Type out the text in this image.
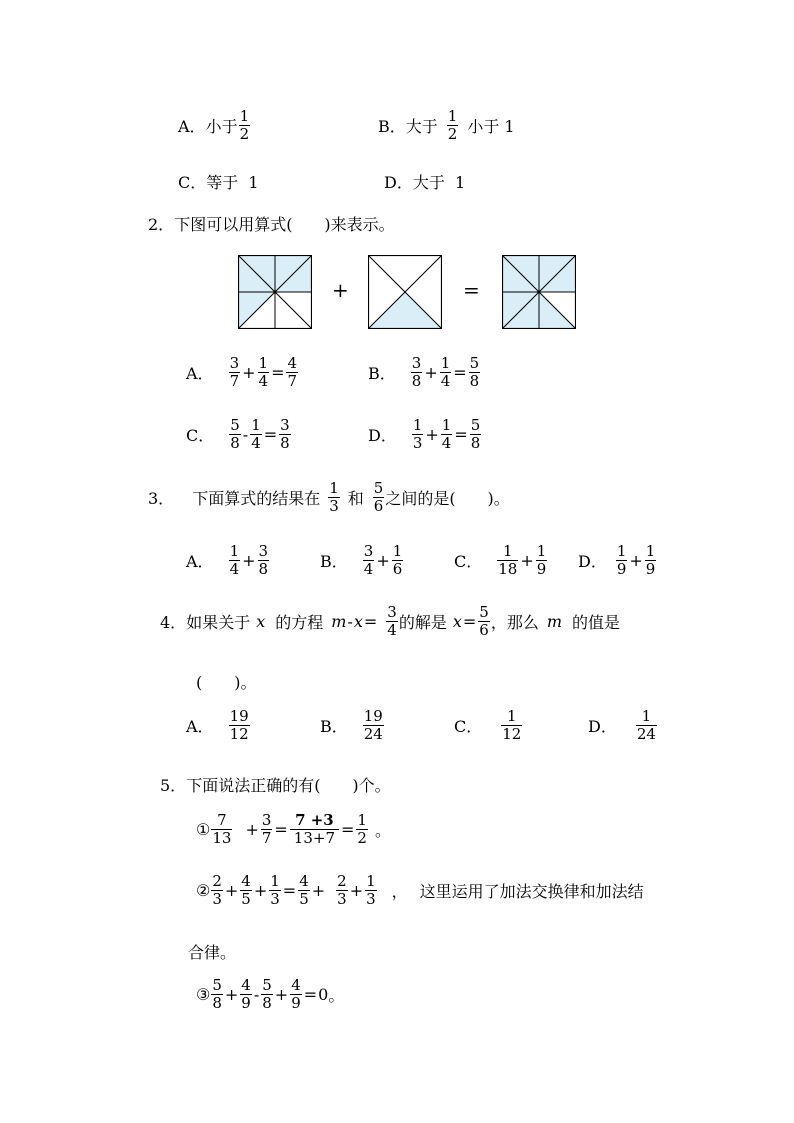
A． 小于 $\frac{1}{2}$	B． 大于 $\frac{1}{2}$ 小于 1
C． 等于  1	D． 大于  1
2． 下图可以用算式(　　)来表示。
+	=
A． $\frac{3}{7} + \frac{1}{4} = \frac{4}{7}$	B． $\frac{3}{8} + \frac{1}{4} = \frac{5}{8}$
C． $\frac{5}{8} - \frac{1}{4} = \frac{3}{8}$	D． $\frac{1}{3} + \frac{1}{4} = \frac{5}{8}$
3． 下面算式的结果在 $\frac{1}{3}$ 和 $\frac{5}{6}$ 之间的是(　　)。
A． $\frac{1}{4} + \frac{3}{8}$	B． $\frac{3}{4} + \frac{1}{6}$	C． $\frac{1}{18} + \frac{1}{9}$ D． $\frac{1}{9} + \frac{1}{9}$
4． 如果关于 x 的方程 $m - x = \frac{3}{4}$ 的解是 $x = \frac{5}{6}$ ，那么 m 的值是
(　　)。
A． $\frac{19}{12}$	B． $\frac{19}{24}$	C． $\frac{1}{12}$	D． $\frac{1}{24}$
5． 下面说法正确的有(　　)个。
① $\frac{7}{13} + \frac{3}{7} = \frac{7 +3}{13+7} = \frac{1}{2}$ 。
② $\frac{2}{3} + \frac{4}{5} + \frac{1}{3} = \frac{4}{5} + \frac{2}{3} + \frac{1}{3}$ ， 这里运用了加法交换律和加法结
合律。
③ $\frac{5}{8} + \frac{4}{9} - \frac{5}{8} + \frac{4}{9} = 0$ 。
